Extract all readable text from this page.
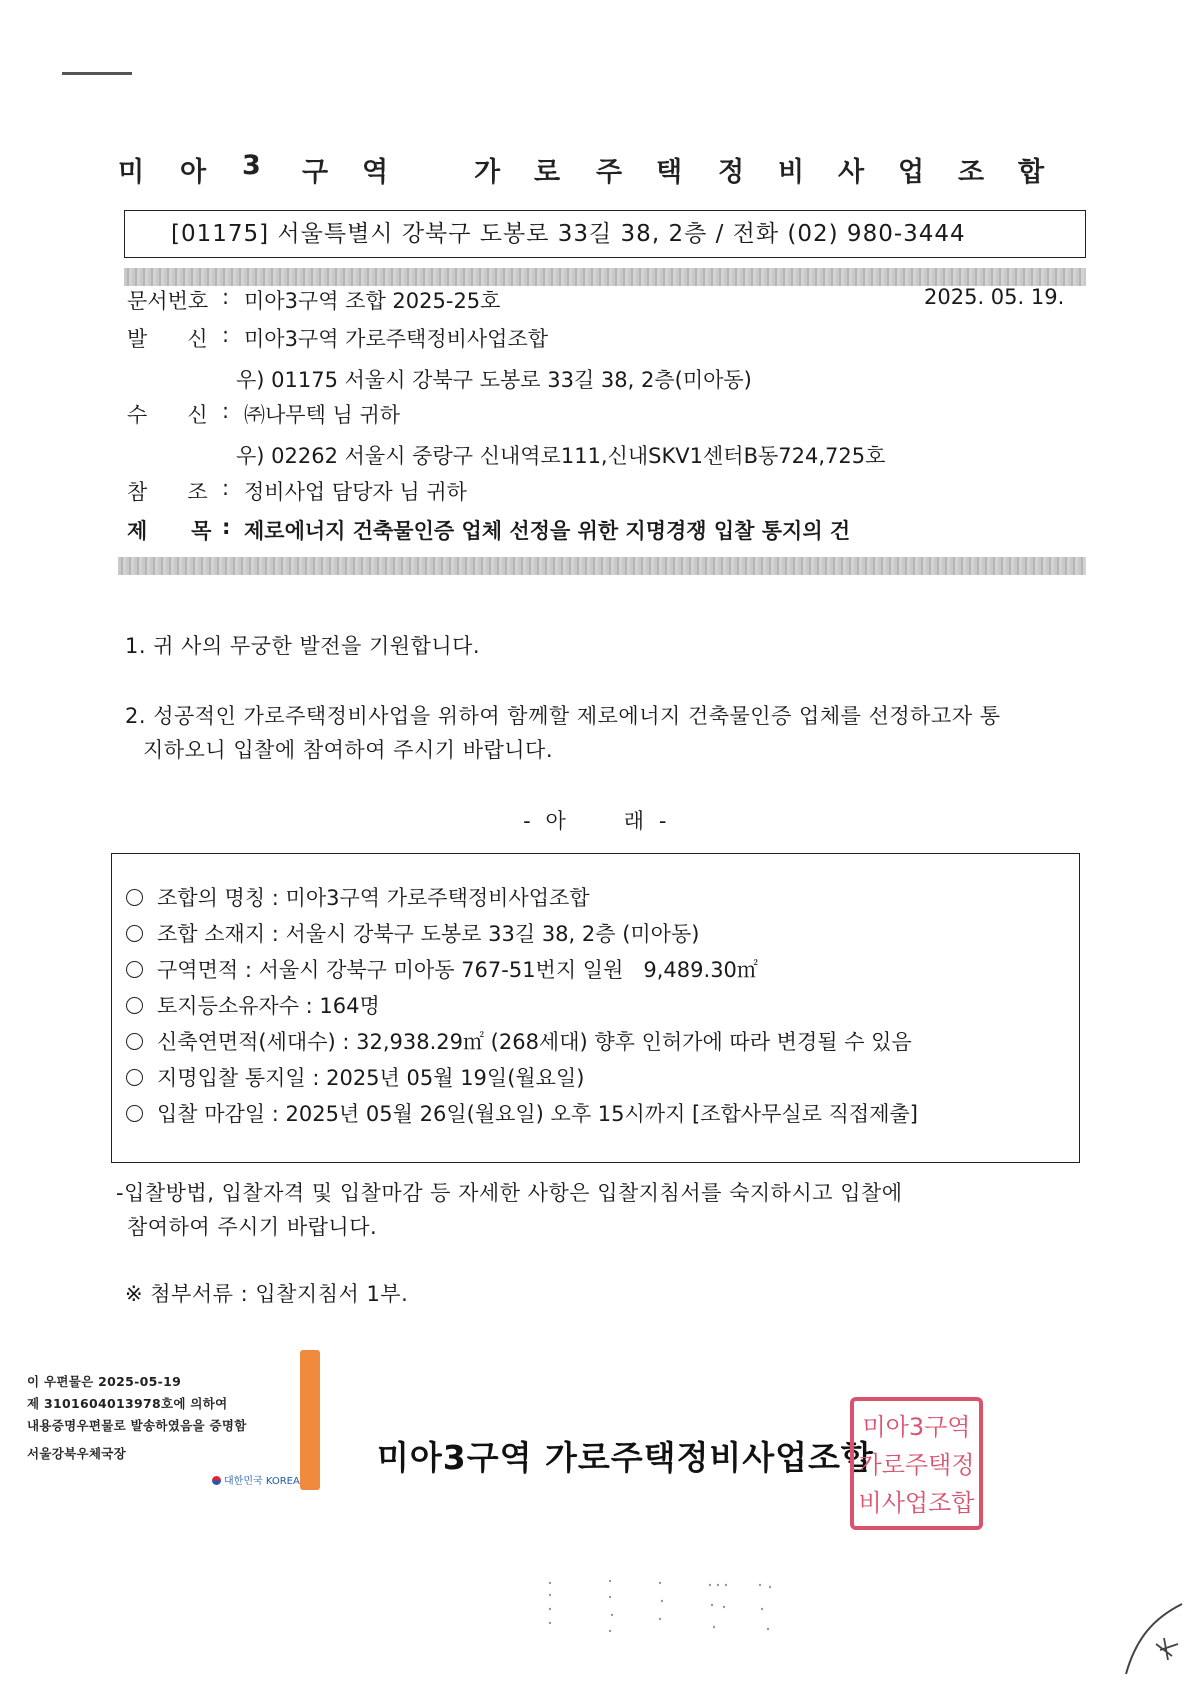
미 아 3 구 역	가 로 주 택 정 비 사 업 조 합
[01175] 서울특별시 강북구 도봉로 33길 38, 2층 / 전화 (02) 980-3444
문서번호 : 미아3구역 조합 2025-25호	2025. 05. 19.
발      신 : 미아3구역 가로주택정비사업조합
우) 01175 서울시 강북구 도봉로 33길 38, 2층(미아동)
수      신 : ㈜나무텍 님 귀하
우) 02262 서울시 중랑구 신내역로111,신내SKV1센터B동724,725호
참      조 : 정비사업 담당자 님 귀하
제      목 : 제로에너지 건축물인증 업체 선정을 위한 지명경쟁 입찰 통지의 건
1. 귀 사의 무궁한 발전을 기원합니다.
2. 성공적인 가로주택정비사업을 위하여 함께할 제로에너지 건축물인증 업체를 선정하고자 통
지하오니 입찰에 참여하여 주시기 바랍니다.
-  아        래  -
조합의 명칭 : 미아3구역 가로주택정비사업조합
조합 소재지 : 서울시 강북구 도봉로 33길 38, 2층 (미아동)
구역면적 : 서울시 강북구 미아동 767-51번지 일원   9,489.30㎡
토지등소유자수 : 164명
신축연면적(세대수) : 32,938.29㎡ (268세대) 향후 인허가에 따라 변경될 수 있음
지명입찰 통지일 : 2025년 05월 19일(월요일)
입찰 마감일 : 2025년 05월 26일(월요일) 오후 15시까지 [조합사무실로 직접제출]
-입찰방법, 입찰자격 및 입찰마감 등 자세한 사항은 입찰지침서를 숙지하시고 입찰에
참여하여 주시기 바랍니다.
※ 첨부서류 : 입찰지침서 1부.
이 우편물은 2025-05-19
제 3101604013978호에 의하여
내용증명우편물로 발송하였음을 증명함
서울강북우체국장
대한민국 KOREA
미아3구역 가로주택정비사업조합
미아3구역
가로주택정
비사업조합
